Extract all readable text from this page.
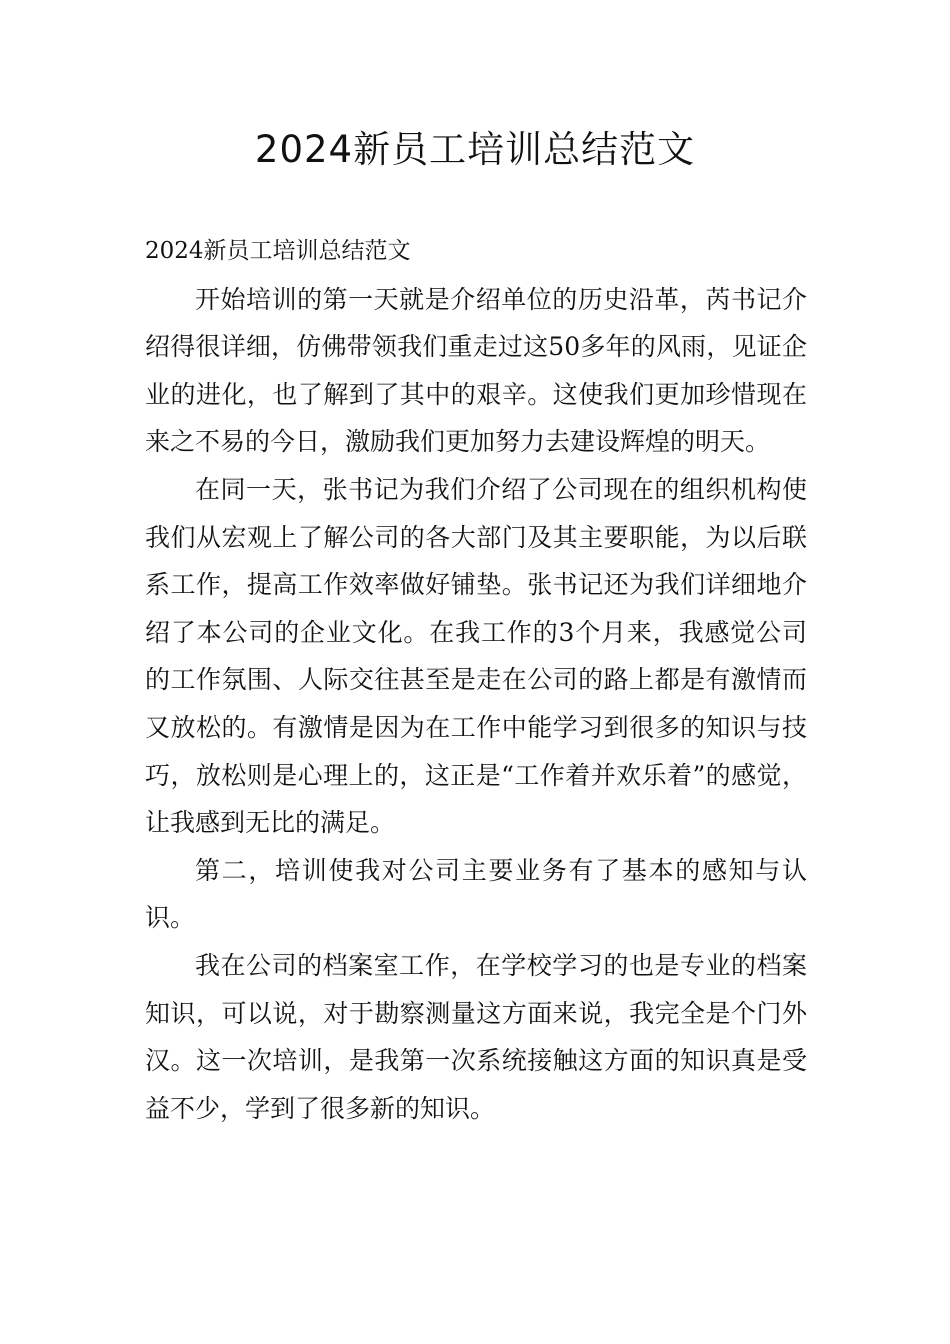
2024新员工培训总结范文

2024新员工培训总结范文

开始培训的第一天就是介绍单位的历史沿革，芮书记介绍得很详细，仿佛带领我们重走过这50多年的风雨，见证企业的进化，也了解到了其中的艰辛。这使我们更加珍惜现在来之不易的今日，激励我们更加努力去建设辉煌的明天。

在同一天，张书记为我们介绍了公司现在的组织机构使我们从宏观上了解公司的各大部门及其主要职能，为以后联系工作，提高工作效率做好铺垫。张书记还为我们详细地介绍了本公司的企业文化。在我工作的3个月来，我感觉公司的工作氛围、人际交往甚至是走在公司的路上都是有激情而又放松的。有激情是因为在工作中能学习到很多的知识与技巧，放松则是心理上的，这正是“工作着并欢乐着”的感觉，让我感到无比的满足。

第二，培训使我对公司主要业务有了基本的感知与认识。

我在公司的档案室工作，在学校学习的也是专业的档案知识，可以说，对于勘察测量这方面来说，我完全是个门外汉。这一次培训，是我第一次系统接触这方面的知识真是受益不少，学到了很多新的知识。
